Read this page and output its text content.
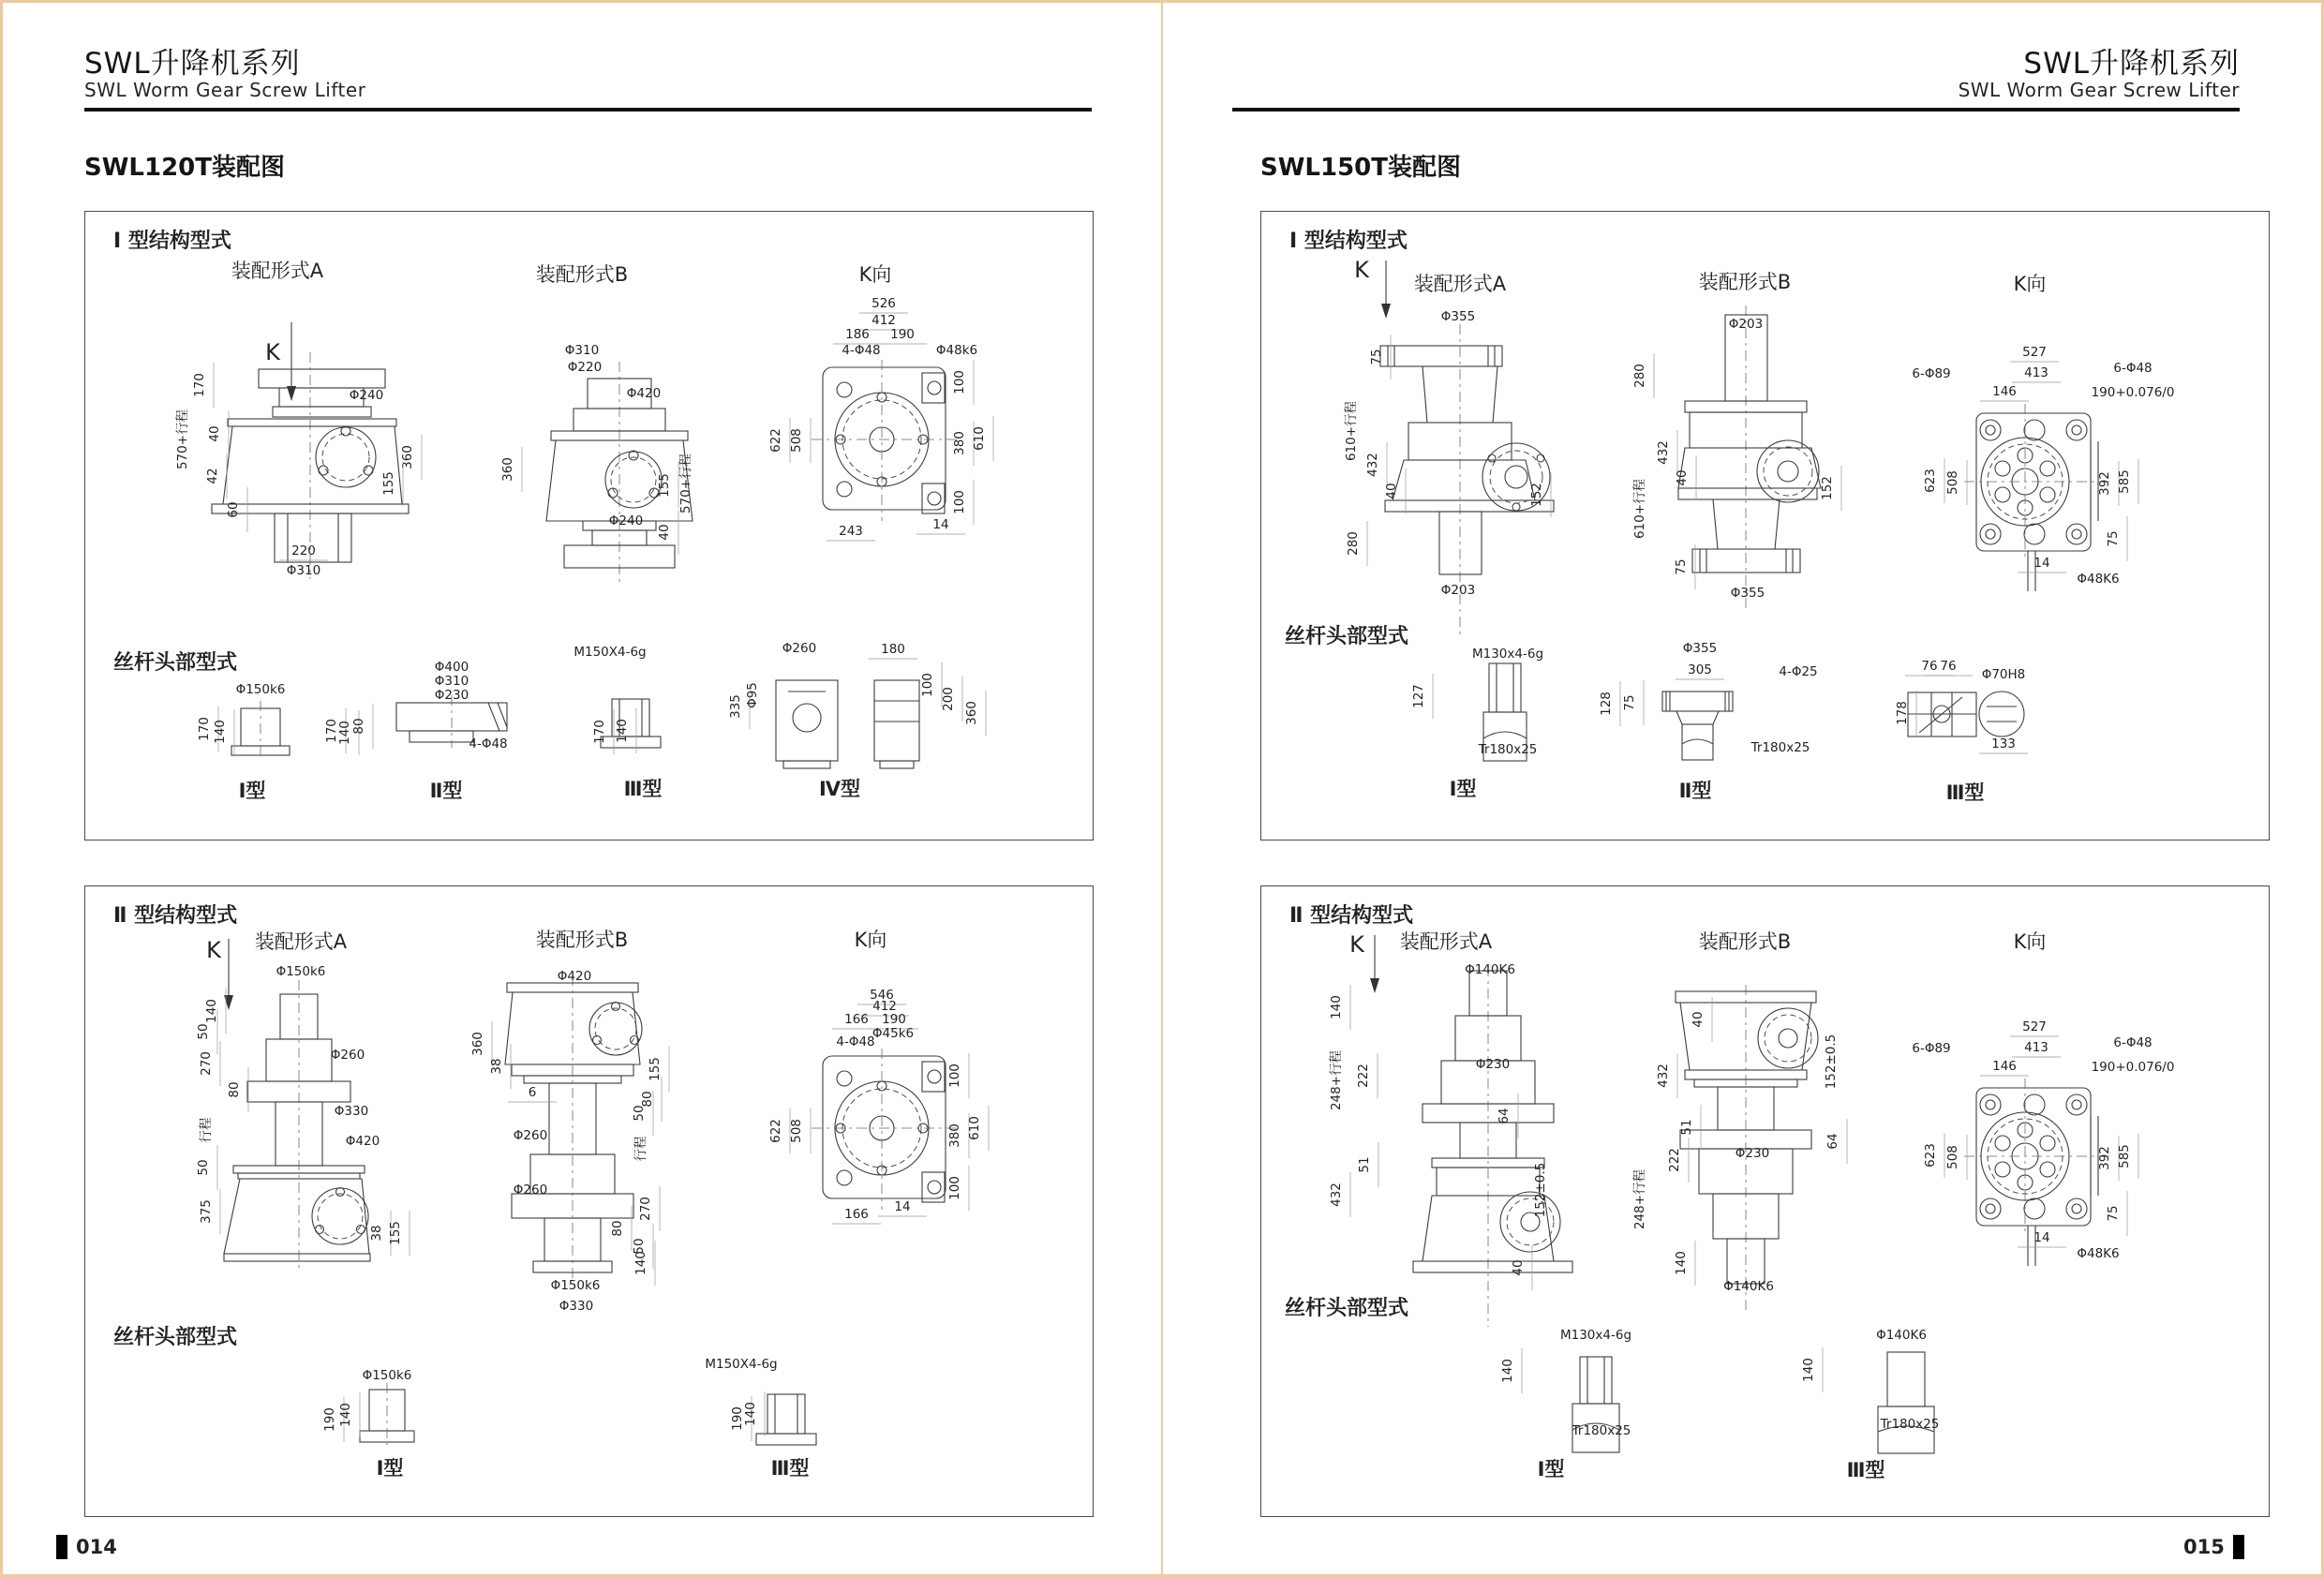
SWL升降机系列
SWL Worm Gear Screw Lifter
SWL120T装配图
Ⅰ 型结构型式
K
装配形式A	装配形式B	K向
丝杆头部型式
Ⅰ型	Ⅱ型	Ⅲ型	Ⅳ型
170
570+行程 40
42
60
Φ240
360
155
220
Φ310
Φ310
Φ220
Φ420
360
155 570+行程
Φ240
40
526
412
186 190
4-Φ48	Φ48k6
100
380 610
100
508
622
243	14
Φ150k6
170 140
Φ400
Φ310
Φ230
170
140 80
4-Φ48
M150X4-6g
170 140
Φ260
Φ95
335
180
100
200
360
Ⅱ 型结构型式
K 装配形式A	装配形式B	K向
丝杆头部型式
Ⅰ型	Ⅲ型
Φ150k6
140
50
270
80
Φ260
Φ330
行程	Φ420
50
375
38 155
Φ420
360
38	155
6	80
50
行程
Φ260
Φ260
270
80
50
140
Φ150k6
Φ330
546
412
166 190
Φ45k6
4-Φ48
100
380 610
100
508
622
166 14
Φ150k6
190 140
M150X4-6g
190
140
014
SWL升降机系列
SWL Worm Gear Screw Lifter
SWL150T装配图
Ⅰ 型结构型式
K
装配形式A	装配形式B	K向
丝杆头部型式
Ⅰ型	Ⅱ型	Ⅲ型
Φ355
75
610+行程
432
40	152
280
Φ203
Φ203
280
432
40
610+行程	152
75
Φ355
527
413
146
6-Φ89	6-Φ48
190+0.076/0
623 508	392 585
75
14
Φ48K6
M130x4-6g
127
Tr180x25
Φ355
305	4-Φ25
128 75
Tr180x25
76 76
Φ70H8
178
133
Ⅱ 型结构型式
K 装配形式A	装配形式B	K向
丝杆头部型式
Ⅰ型	Ⅲ型
Φ140K6
140
248+行程 222	Φ230
64
51
432	152±0.5
40
40
432	152±0.5
51
222	Φ230
64
248+行程
140
Φ140K6
527
413
146
6-Φ89	6-Φ48
190+0.076/0
623 508	392 585
75
14
Φ48K6
M130x4-6g
140
Tr180x25
Φ140K6
140
Tr180x25
015
